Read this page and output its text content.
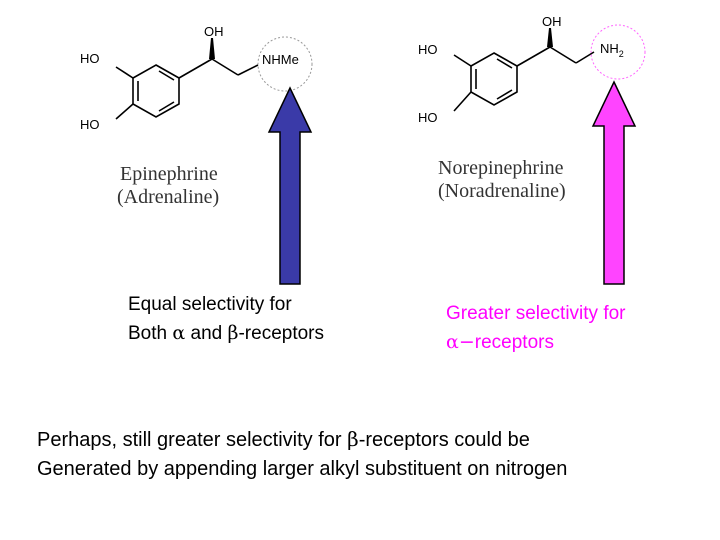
OH
HO
HO
NHMe
Epinephrine
(Adrenaline)
Equal selectivity for
Both α and β-receptors
OH
HO
HO
$NH_2$
Norepinephrine
(Noradrenaline)
Greater selectivity for
α−receptors
Perhaps, still greater selectivity for β-receptors could be
Generated by appending larger alkyl substituent on nitrogen
